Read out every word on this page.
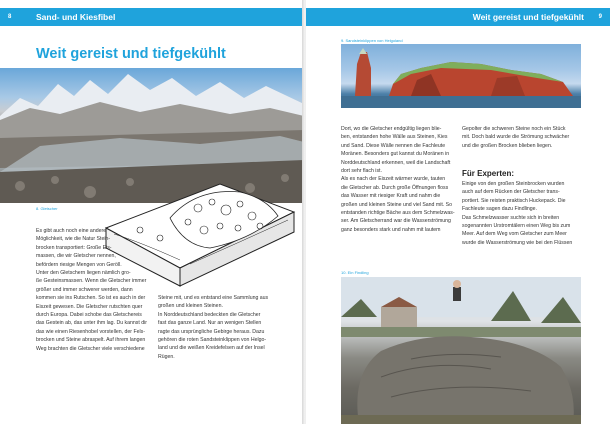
8	Sand- und Kiesfibel
Weit gereist und tiefgekühlt
8. Gletscher

Es gibt auch noch eine andere

Möglichkeit, wie die Natur Stein-

brocken transportiert: Große Eis-

massen, die wir Gletscher nennen,

befördern riesige Mengen von Geröll.

Unter den Gletschern liegen nämlich gro-

ße Gesteinsmassen. Wenn die Gletscher immer

größer und immer schwerer werden, dann

kommen sie ins Rutschen. So ist es auch in der

Eiszeit gewesen. Die Gletscher rutschten quer

durch Europa. Dabei schobe das Gletschereis

das Gestein ab, das unter ihm lag. Du kannst dir

das wie einen Riesenhobel vorstellen, der Fels-

brocken und Steine abraspelt. Auf ihrem langen

Weg brachten die Gletscher viele verschiedene

Steine mit, und es entstand eine Sammlung aus

großen und kleinen Steinen.

In Norddeutschland bedeckten die Gletscher

fast das ganze Land. Nur an wenigen Stellen

ragte das ursprüngliche Gebirge heraus. Dazu

gehören die roten Sandsteinklippen von Helgo-

land und die weißen Kreidefelsen auf der Insel

Rügen.

Weit gereist und tiefgekühlt 9
9. Sandsteinklippen von Helgoland

Dort, wo die Gletscher endgültig liegen blie-

ben, entstanden hohe Wälle aus Steinen, Kies

und Sand. Diese Wälle nennen die Fachleute

Moränen. Besonders gut kannst du Moränen in

Norddeutschland erkennen, weil die Landschaft

dort sehr flach ist.

Als es nach der Eiszeit wärmer wurde, tauten

die Gletscher ab. Durch große Öffnungen floss

das Wasser mit riesiger Kraft und nahm die

großen und kleinen Steine und viel Sand mit. So

entstanden richtige Bäche aus dem Schmelzwas-

ser. Am Gletscherrand war die Wasserströmung

ganz besonders stark und nahm mit lautem

Gepolter die schweren Steine noch ein Stück

mit. Doch bald wurde die Strömung schwächer

und die großen Brocken blieben liegen.

Für Experten:

Einige von den großen Steinbrocken wurden

auch auf dem Rücken der Gletscher trans-

portiert. Sie reisten praktisch Huckepack. Die

Fachleute sagen dazu Findlinge.

Das Schmelzwasser suchte sich in breiten

sogenannten Urstromtälern einen Weg bis zum

Meer. Auf dem Weg vom Gletscher zum Meer

wurde die Wasserströmung wie bei den Flüssen

10. Ein Findling
